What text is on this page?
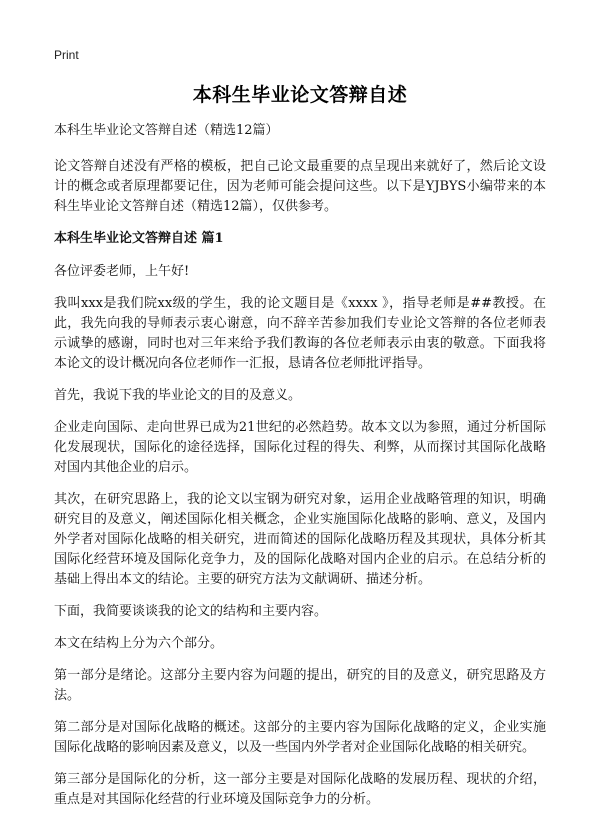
Print
本科生毕业论文答辩自述

本科生毕业论文答辩自述（精选12篇）

论文答辩自述没有严格的模板，把自己论文最重要的点呈现出来就好了，然后论文设计的概念或者原理都要记住，因为老师可能会提问这些。以下是YJBYS小编带来的本科生毕业论文答辩自述（精选12篇），仅供参考。

本科生毕业论文答辩自述 篇1

各位评委老师，上午好!

我叫xxx是我们院xx级的学生，我的论文题目是《xxxx 》，指导老师是##教授。在此，我先向我的导师表示衷心谢意，向不辞辛苦参加我们专业论文答辩的各位老师表示诚挚的感谢，同时也对三年来给予我们教诲的各位老师表示由衷的敬意。下面我将本论文的设计概况向各位老师作一汇报，恳请各位老师批评指导。

首先，我说下我的毕业论文的目的及意义。

企业走向国际、走向世界已成为21世纪的必然趋势。故本文以为参照，通过分析国际化发展现状，国际化的途径选择，国际化过程的得失、利弊，从而探讨其国际化战略对国内其他企业的启示。

其次，在研究思路上，我的论文以宝钢为研究对象，运用企业战略管理的知识，明确研究目的及意义，阐述国际化相关概念，企业实施国际化战略的影响、意义，及国内外学者对国际化战略的相关研究，进而简述的国际化战略历程及其现状，具体分析其国际化经营环境及国际化竞争力，及的国际化战略对国内企业的启示。在总结分析的基础上得出本文的结论。主要的研究方法为文献调研、描述分析。

下面，我简要谈谈我的论文的结构和主要内容。

本文在结构上分为六个部分。

第一部分是绪论。这部分主要内容为问题的提出，研究的目的及意义，研究思路及方法。

第二部分是对国际化战略的概述。这部分的主要内容为国际化战略的定义，企业实施国际化战略的影响因素及意义，以及一些国内外学者对企业国际化战略的相关研究。

第三部分是国际化的分析，这一部分主要是对国际化战略的发展历程、现状的介绍，重点是对其国际化经营的行业环境及国际竞争力的分析。
